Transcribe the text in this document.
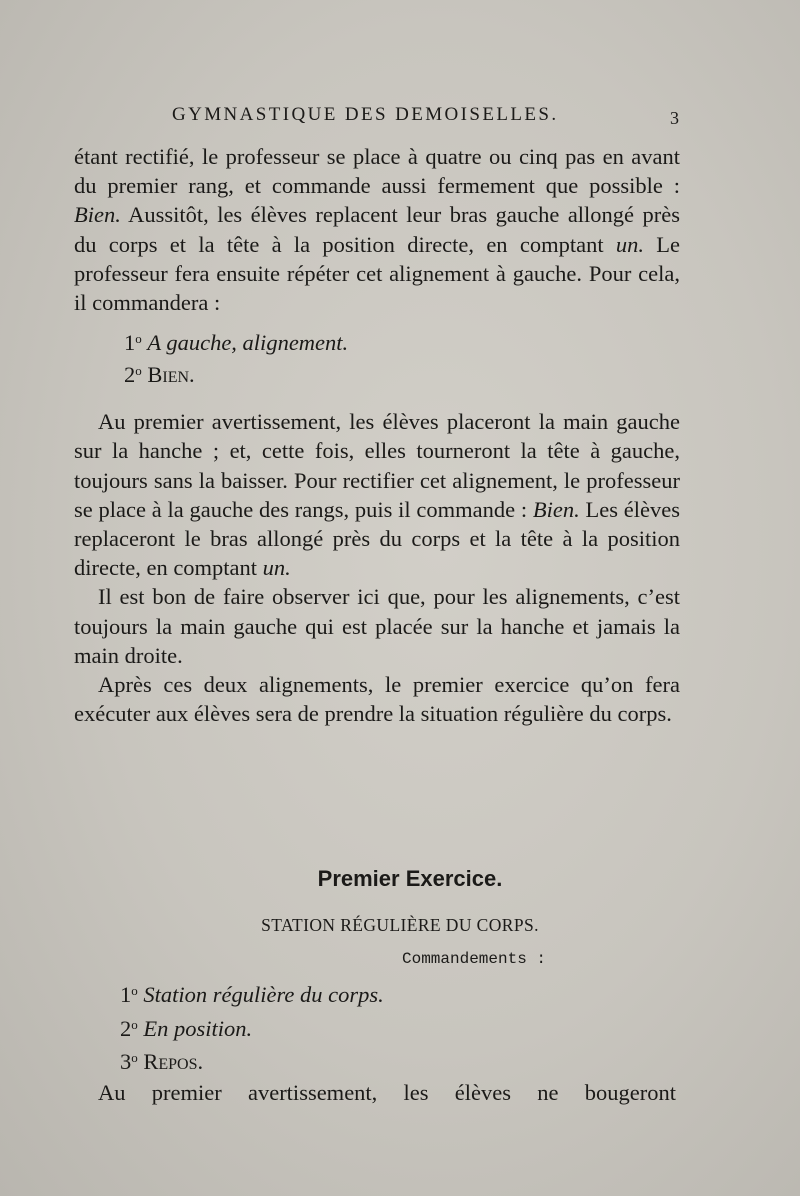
GYMNASTIQUE DES DEMOISELLES.	3

étant rectifié, le professeur se place à quatre ou cinq pas en avant du premier rang, et commande aussi fermement que possible : Bien. Aussitôt, les élèves replacent leur bras gauche allongé près du corps et la tête à la position directe, en comptant un. Le professeur fera ensuite répéter cet alignement à gauche. Pour cela, il commandera :

1$^o$ A gauche, alignement.
2$^o$ Bien.

Au premier avertissement, les élèves placeront la main gauche sur la hanche ; et, cette fois, elles tourneront la tête à gauche, toujours sans la baisser. Pour rectifier cet alignement, le professeur se place à la gauche des rangs, puis il commande : Bien. Les élèves replaceront le bras allongé près du corps et la tête à la position directe, en comptant un.

Il est bon de faire observer ici que, pour les alignements, c’est toujours la main gauche qui est placée sur la hanche et jamais la main droite.

Après ces deux alignements, le premier exercice qu’on fera exécuter aux élèves sera de prendre la situation régulière du corps.

Premier Exercice.
STATION RÉGULIÈRE DU CORPS.
Commandements :
1$^o$ Station régulière du corps.
2$^o$ En position.
3$^o$ Repos.
Au premier avertissement, les élèves ne bougeront
